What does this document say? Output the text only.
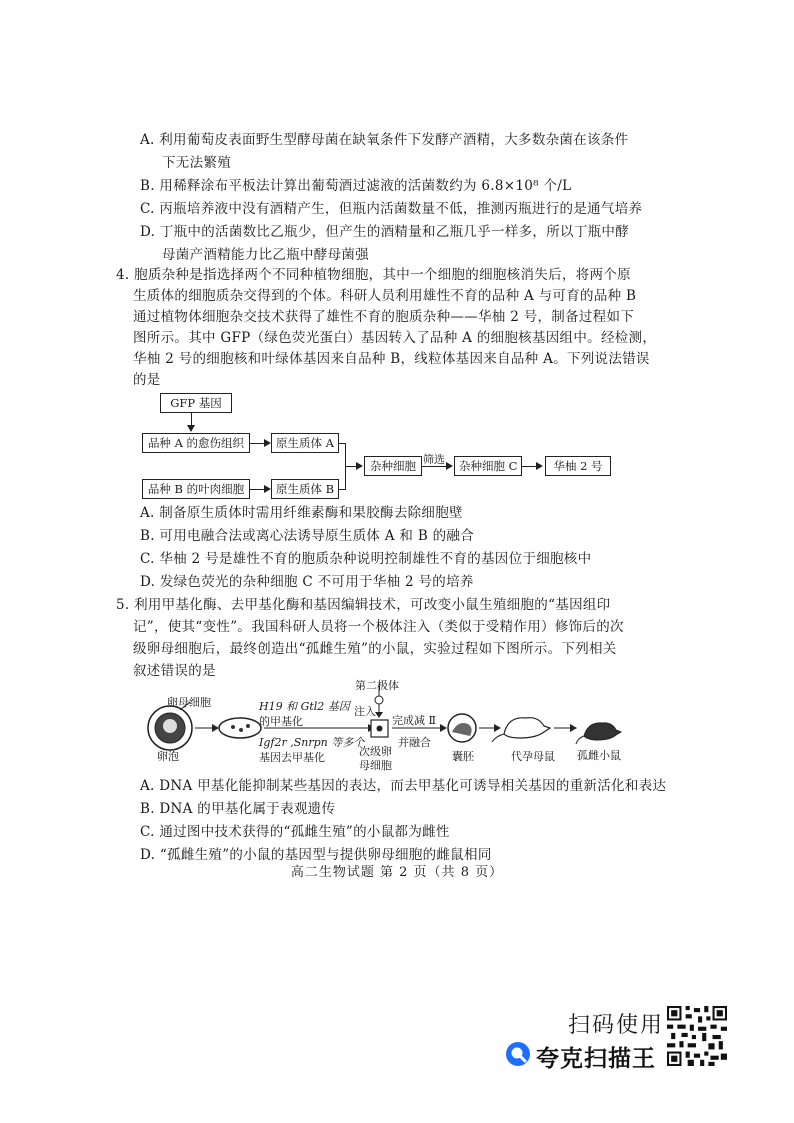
A. 利用葡萄皮表面野生型酵母菌在缺氧条件下发酵产酒精，大多数杂菌在该条件
下无法繁殖
B. 用稀释涂布平板法计算出葡萄酒过滤液的活菌数约为 6.8×10⁸ 个/L
C. 丙瓶培养液中没有酒精产生，但瓶内活菌数量不低，推测丙瓶进行的是通气培养
D. 丁瓶中的活菌数比乙瓶少，但产生的酒精量和乙瓶几乎一样多，所以丁瓶中酵
母菌产酒精能力比乙瓶中酵母菌强
4. 胞质杂种是指选择两个不同种植物细胞，其中一个细胞的细胞核消失后，将两个原
生质体的细胞质杂交得到的个体。科研人员利用雄性不育的品种 A 与可育的品种 B
通过植物体细胞杂交技术获得了雄性不育的胞质杂种——华柚 2 号，制备过程如下
图所示。其中 GFP（绿色荧光蛋白）基因转入了品种 A 的细胞核基因组中。经检测，
华柚 2 号的细胞核和叶绿体基因来自品种 B，线粒体基因来自品种 A。下列说法错误
的是
GFP 基因
品种 A 的愈伤组织	原生质体 A
品种 B 的叶肉细胞	原生质体 B
杂种细胞 筛选	杂种细胞 C	华柚 2 号
A. 制备原生质体时需用纤维素酶和果胶酶去除细胞壁
B. 可用电融合法或离心法诱导原生质体 A 和 B 的融合
C. 华柚 2 号是雄性不育的胞质杂种说明控制雄性不育的基因位于细胞核中
D. 发绿色荧光的杂种细胞 C 不可用于华柚 2 号的培养
5. 利用甲基化酶、去甲基化酶和基因编辑技术，可改变小鼠生殖细胞的“基因组印
记”，使其“变性”。我国科研人员将一个极体注入（类似于受精作用）修饰后的次
级卵母细胞后，最终创造出“孤雌生殖”的小鼠，实验过程如下图所示。下列相关
叙述错误的是
卵母细胞
卵泡
H19 和 Gtl2 基因
的甲基化
Igf2r ,Snrpn 等多个
基因去甲基化
第二极体
注入
完成减 Ⅱ
并融合
次级卵
母细胞
囊胚	代孕母鼠 孤雌小鼠
A. DNA 甲基化能抑制某些基因的表达，而去甲基化可诱导相关基因的重新活化和表达
B. DNA 的甲基化属于表观遗传
C. 通过图中技术获得的“孤雌生殖”的小鼠都为雌性
D. “孤雌生殖”的小鼠的基因型与提供卵母细胞的雌鼠相同
高二生物试题 第 2 页（共 8 页）
扫码使用
夸克扫描王
